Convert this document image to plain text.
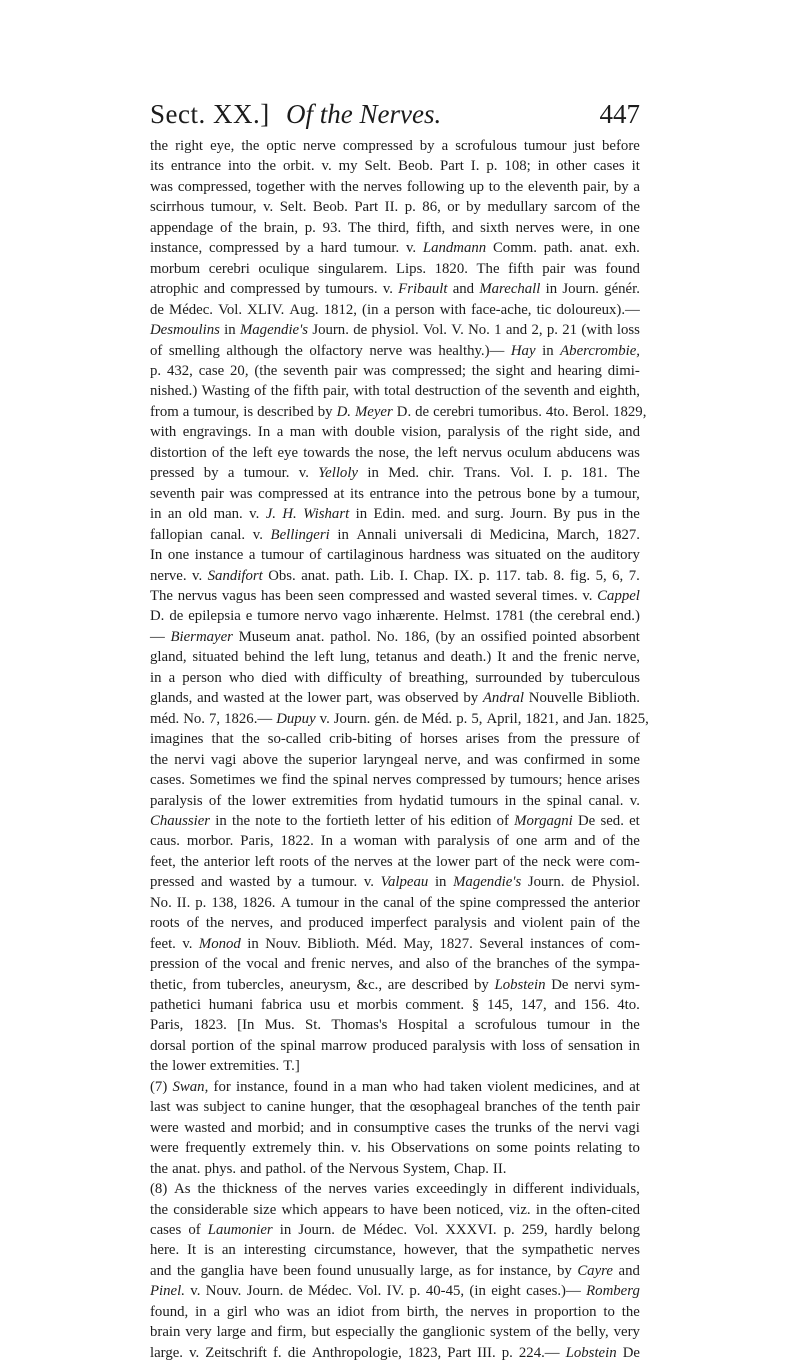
Sect. XX.] Of the Nerves.	447
the right eye, the optic nerve compressed by a scrofulous tumour just before
its entrance into the orbit. v. my Selt. Beob. Part I. p. 108; in other cases it
was compressed, together with the nerves following up to the eleventh pair, by a
scirrhous tumour, v. Selt. Beob. Part II. p. 86, or by medullary sarcom of the
appendage of the brain, p. 93. The third, fifth, and sixth nerves were, in one
instance, compressed by a hard tumour. v. Landmann Comm. path. anat. exh.
morbum cerebri oculique singularem. Lips. 1820. The fifth pair was found
atrophic and compressed by tumours. v. Fribault and Marechall in Journ. génér.
de Médec. Vol. XLIV. Aug. 1812, (in a person with face-ache, tic doloureux).—
Desmoulins in Magendie's Journ. de physiol. Vol. V. No. 1 and 2, p. 21 (with loss
of smelling although the olfactory nerve was healthy.)— Hay in Abercrombie,
p. 432, case 20, (the seventh pair was compressed; the sight and hearing dimi-
nished.) Wasting of the fifth pair, with total destruction of the seventh and eighth,
from a tumour, is described by D. Meyer D. de cerebri tumoribus. 4to. Berol. 1829,
with engravings. In a man with double vision, paralysis of the right side, and
distortion of the left eye towards the nose, the left nervus oculum abducens was
pressed by a tumour. v. Yelloly in Med. chir. Trans. Vol. I. p. 181. The
seventh pair was compressed at its entrance into the petrous bone by a tumour,
in an old man. v. J. H. Wishart in Edin. med. and surg. Journ. By pus in the
fallopian canal. v. Bellingeri in Annali universali di Medicina, March, 1827.
In one instance a tumour of cartilaginous hardness was situated on the auditory
nerve. v. Sandifort Obs. anat. path. Lib. I. Chap. IX. p. 117. tab. 8. fig. 5, 6, 7.
The nervus vagus has been seen compressed and wasted several times. v. Cappel
D. de epilepsia e tumore nervo vago inhærente. Helmst. 1781 (the cerebral end.)
— Biermayer Museum anat. pathol. No. 186, (by an ossified pointed absorbent
gland, situated behind the left lung, tetanus and death.) It and the frenic nerve,
in a person who died with difficulty of breathing, surrounded by tuberculous
glands, and wasted at the lower part, was observed by Andral Nouvelle Biblioth.
méd. No. 7, 1826.— Dupuy v. Journ. gén. de Méd. p. 5, April, 1821, and Jan. 1825,
imagines that the so-called crib-biting of horses arises from the pressure of
the nervi vagi above the superior laryngeal nerve, and was confirmed in some
cases. Sometimes we find the spinal nerves compressed by tumours; hence arises
paralysis of the lower extremities from hydatid tumours in the spinal canal. v.
Chaussier in the note to the fortieth letter of his edition of Morgagni De sed. et
caus. morbor. Paris, 1822. In a woman with paralysis of one arm and of the
feet, the anterior left roots of the nerves at the lower part of the neck were com-
pressed and wasted by a tumour. v. Valpeau in Magendie's Journ. de Physiol.
No. II. p. 138, 1826. A tumour in the canal of the spine compressed the anterior
roots of the nerves, and produced imperfect paralysis and violent pain of the
feet. v. Monod in Nouv. Biblioth. Méd. May, 1827. Several instances of com-
pression of the vocal and frenic nerves, and also of the branches of the sympa-
thetic, from tubercles, aneurysm, &c., are described by Lobstein De nervi sym-
pathetici humani fabrica usu et morbis comment. § 145, 147, and 156. 4to.
Paris, 1823. [In Mus. St. Thomas's Hospital a scrofulous tumour in the
dorsal portion of the spinal marrow produced paralysis with loss of sensation in
the lower extremities. T.]
(7) Swan, for instance, found in a man who had taken violent medicines, and at
last was subject to canine hunger, that the œsophageal branches of the tenth pair
were wasted and morbid; and in consumptive cases the trunks of the nervi vagi
were frequently extremely thin. v. his Observations on some points relating to
the anat. phys. and pathol. of the Nervous System, Chap. II.
(8) As the thickness of the nerves varies exceedingly in different individuals,
the considerable size which appears to have been noticed, viz. in the often-cited
cases of Laumonier in Journ. de Médec. Vol. XXXVI. p. 259, hardly belong
here. It is an interesting circumstance, however, that the sympathetic nerves
and the ganglia have been found unusually large, as for instance, by Cayre and
Pinel. v. Nouv. Journ. de Médec. Vol. IV. p. 40-45, (in eight cases.)— Romberg
found, in a girl who was an idiot from birth, the nerves in proportion to the
brain very large and firm, but especially the ganglionic system of the belly, very
large. v. Zeitschrift f. die Anthropologie, 1823, Part III. p. 224.— Lobstein De
